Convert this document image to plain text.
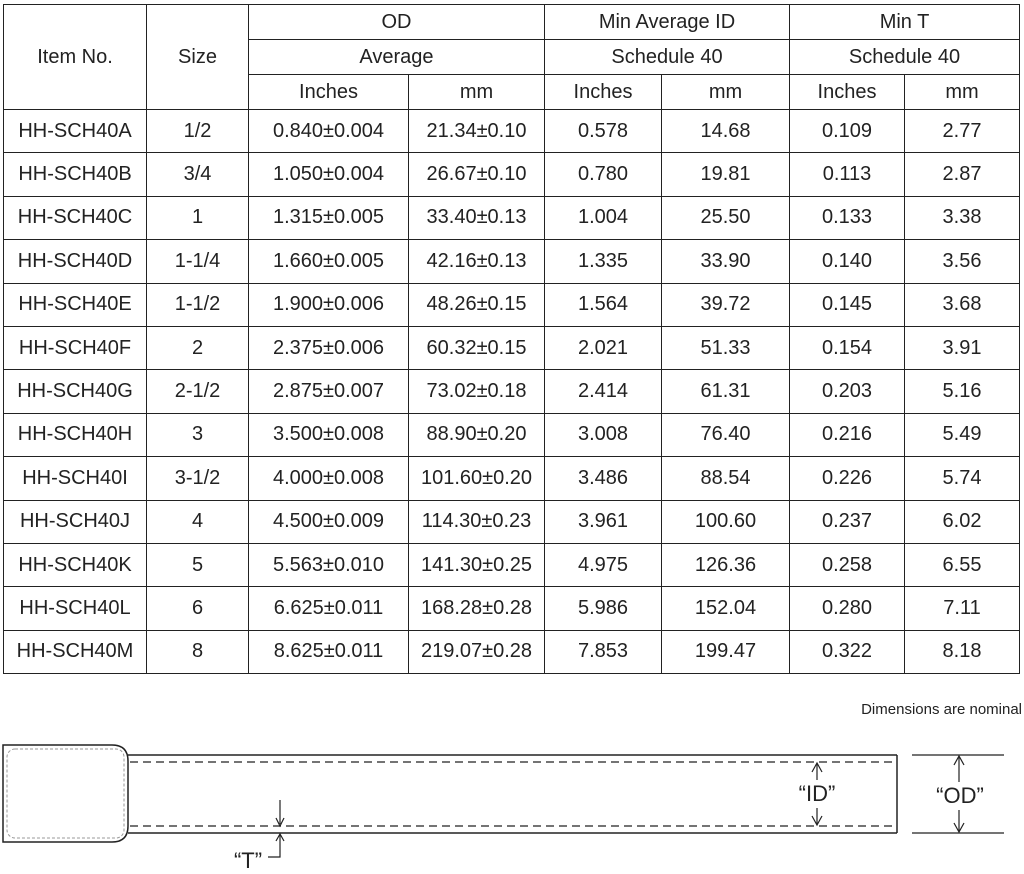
Item No.	Size	OD		Min Average ID		Min T	
		Average		Schedule 40		Schedule 40	
		Inches	mm	Inches	mm	Inches	mm
HH-SCH40A	1/2	0.840±0.004	21.34±0.10	0.578	14.68	0.109	2.77
HH-SCH40B	3/4	1.050±0.004	26.67±0.10	0.780	19.81	0.113	2.87
HH-SCH40C	1	1.315±0.005	33.40±0.13	1.004	25.50	0.133	3.38
HH-SCH40D	1-1/4	1.660±0.005	42.16±0.13	1.335	33.90	0.140	3.56
HH-SCH40E	1-1/2	1.900±0.006	48.26±0.15	1.564	39.72	0.145	3.68
HH-SCH40F	2	2.375±0.006	60.32±0.15	2.021	51.33	0.154	3.91
HH-SCH40G	2-1/2	2.875±0.007	73.02±0.18	2.414	61.31	0.203	5.16
HH-SCH40H	3	3.500±0.008	88.90±0.20	3.008	76.40	0.216	5.49
HH-SCH40I	3-1/2	4.000±0.008	101.60±0.20	3.486	88.54	0.226	5.74
HH-SCH40J	4	4.500±0.009	114.30±0.23	3.961	100.60	0.237	6.02
HH-SCH40K	5	5.563±0.010	141.30±0.25	4.975	126.36	0.258	6.55
HH-SCH40L	6	6.625±0.011	168.28±0.28	5.986	152.04	0.280	7.11
HH-SCH40M	8	8.625±0.011	219.07±0.28	7.853	199.47	0.322	8.18
Dimensions are nominal
“ID”	“OD”
“T”
